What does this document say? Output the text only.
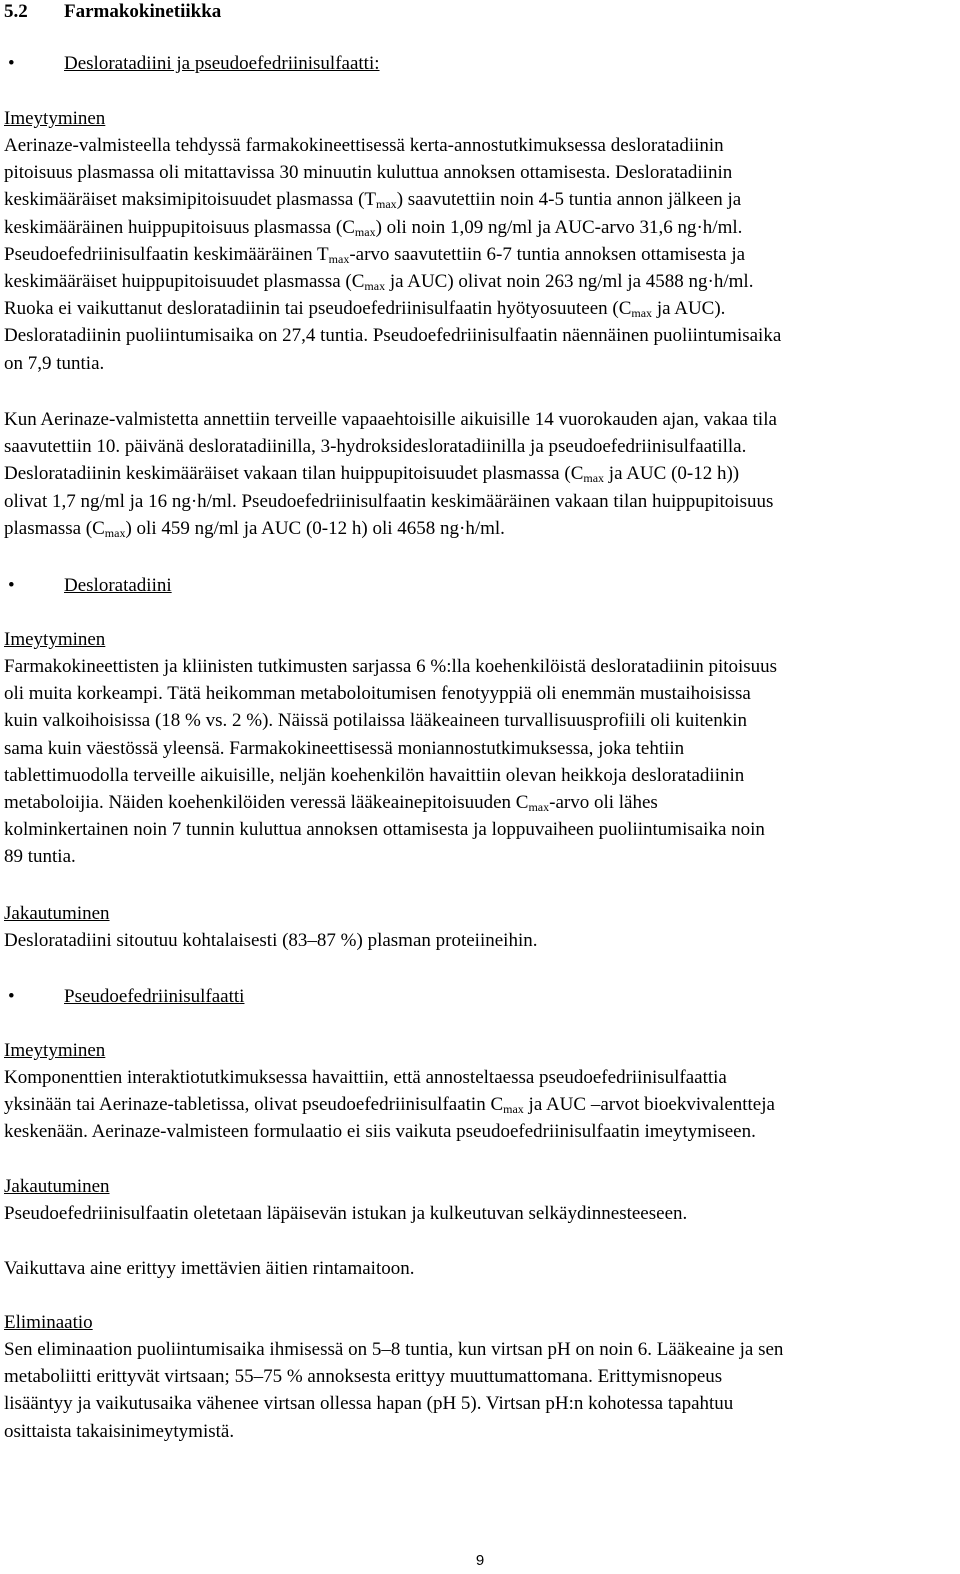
5.2 Farmakokinetiikka
•	Desloratadiini ja pseudoefedriinisulfaatti:
Imeytyminen
Aerinaze-valmisteella tehdyssä farmakokineettisessä kerta-annostutkimuksessa desloratadiinin
pitoisuus plasmassa oli mitattavissa 30 minuutin kuluttua annoksen ottamisesta. Desloratadiinin
keskimääräiset maksimipitoisuudet plasmassa $(T_{max})$ saavutettiin noin 4-5 tuntia annon jälkeen ja
keskimääräinen huippupitoisuus plasmassa $(C_{max})$ oli noin 1,09 ng/ml ja AUC-arvo 31,6 ng·h/ml.
Pseudoefedriinisulfaatin keskimääräinen $T_{max}$-arvo saavutettiin 6-7 tuntia annoksen ottamisesta ja
keskimääräiset huippupitoisuudet plasmassa ($C_{max}$ ja AUC) olivat noin 263 ng/ml ja 4588 ng·h/ml.
Ruoka ei vaikuttanut desloratadiinin tai pseudoefedriinisulfaatin hyötyosuuteen ($C_{max}$ ja AUC).
Desloratadiinin puoliintumisaika on 27,4 tuntia. Pseudoefedriinisulfaatin näennäinen puoliintumisaika
on 7,9 tuntia.
Kun Aerinaze-valmistetta annettiin terveille vapaaehtoisille aikuisille 14 vuorokauden ajan, vakaa tila
saavutettiin 10. päivänä desloratadiinilla, 3-hydroksidesloratadiinilla ja pseudoefedriinisulfaatilla.
Desloratadiinin keskimääräiset vakaan tilan huippupitoisuudet plasmassa ($C_{max}$ ja AUC (0-12 h))
olivat 1,7 ng/ml ja 16 ng·h/ml. Pseudoefedriinisulfaatin keskimääräinen vakaan tilan huippupitoisuus
plasmassa $(C_{max})$ oli 459 ng/ml ja AUC (0-12 h) oli 4658 ng·h/ml.
•	Desloratadiini
Imeytyminen
Farmakokineettisten ja kliinisten tutkimusten sarjassa 6 %:lla koehenkilöistä desloratadiinin pitoisuus
oli muita korkeampi. Tätä heikomman metaboloitumisen fenotyyppiä oli enemmän mustaihoisissa
kuin valkoihoisissa (18 % vs. 2 %). Näissä potilaissa lääkeaineen turvallisuusprofiili oli kuitenkin
sama kuin väestössä yleensä. Farmakokineettisessä moniannostutkimuksessa, joka tehtiin
tablettimuodolla terveille aikuisille, neljän koehenkilön havaittiin olevan heikkoja desloratadiinin
metaboloijia. Näiden koehenkilöiden veressä lääkeainepitoisuuden $C_{max}$-arvo oli lähes
kolminkertainen noin 7 tunnin kuluttua annoksen ottamisesta ja loppuvaiheen puoliintumisaika noin
89 tuntia.
Jakautuminen
Desloratadiini sitoutuu kohtalaisesti (83–87 %) plasman proteiineihin.
•	Pseudoefedriinisulfaatti
Imeytyminen
Komponenttien interaktiotutkimuksessa havaittiin, että annosteltaessa pseudoefedriinisulfaattia
yksinään tai Aerinaze-tabletissa, olivat pseudoefedriinisulfaatin $C_{max}$ ja AUC –arvot bioekvivalentteja
keskenään. Aerinaze-valmisteen formulaatio ei siis vaikuta pseudoefedriinisulfaatin imeytymiseen.
Jakautuminen
Pseudoefedriinisulfaatin oletetaan läpäisevän istukan ja kulkeutuvan selkäydinnesteeseen.
Vaikuttava aine erittyy imettävien äitien rintamaitoon.
Eliminaatio
Sen eliminaation puoliintumisaika ihmisessä on 5–8 tuntia, kun virtsan pH on noin 6. Lääkeaine ja sen
metaboliitti erittyvät virtsaan; 55–75 % annoksesta erittyy muuttumattomana. Erittymisnopeus
lisääntyy ja vaikutusaika vähenee virtsan ollessa hapan (pH 5). Virtsan pH:n kohotessa tapahtuu
osittaista takaisinimeytymistä.
9
